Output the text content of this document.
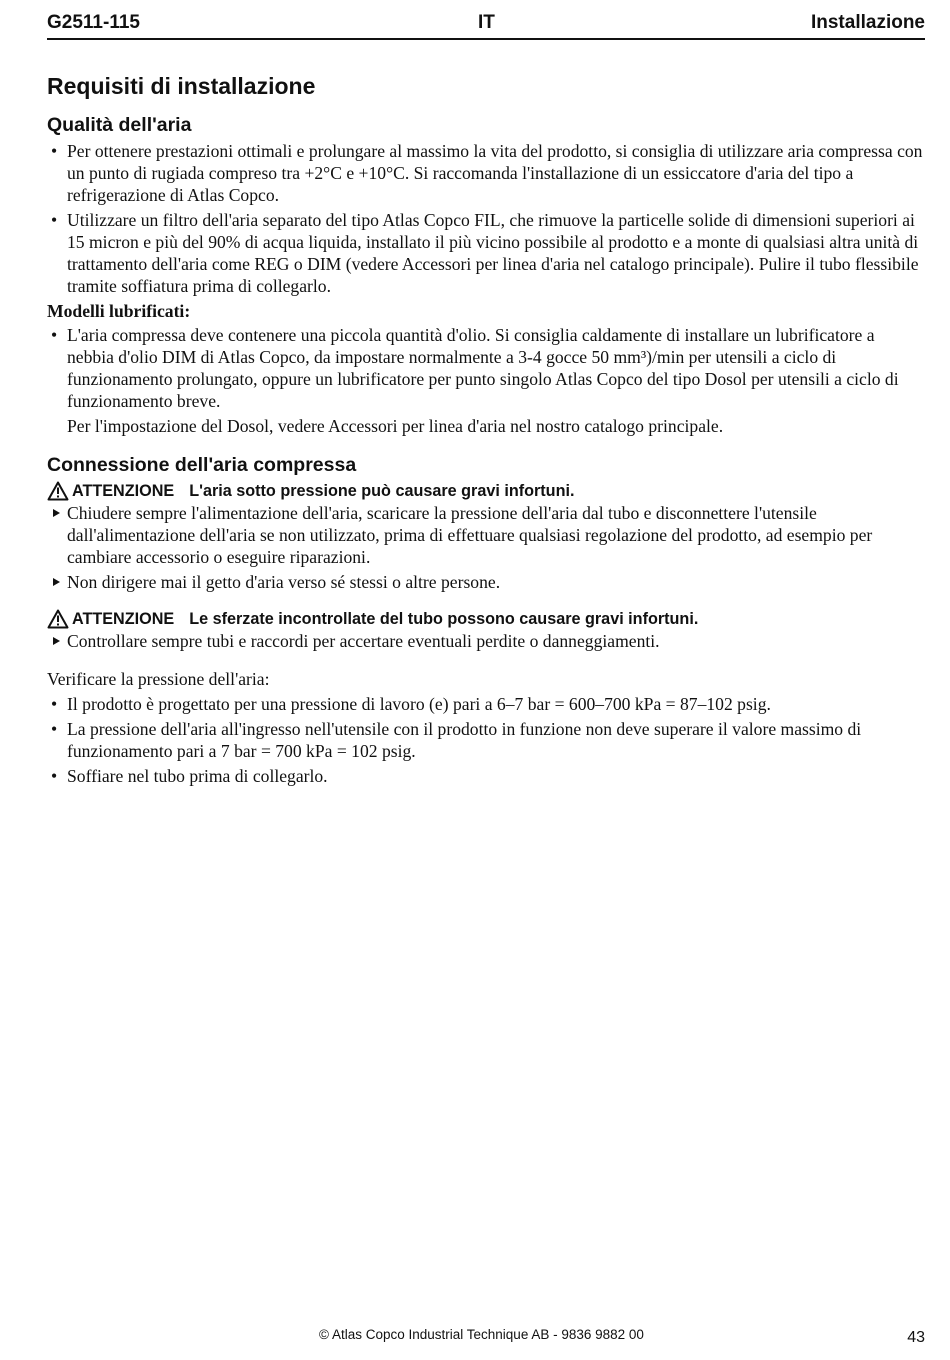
G2511-115	IT	Installazione
Requisiti di installazione
Qualità dell'aria
• Per ottenere prestazioni ottimali e prolungare al massimo la vita del prodotto, si consiglia di utilizzare aria compressa con un punto di rugiada compreso tra +2°C e +10°C. Si raccomanda l'installazione di un essiccatore d'aria del tipo a refrigerazione di Atlas Copco.
• Utilizzare un filtro dell'aria separato del tipo Atlas Copco FIL, che rimuove la particelle solide di dimensioni superiori ai 15 micron e più del 90% di acqua liquida, installato il più vicino possibile al prodotto e a monte di qualsiasi altra unità di trattamento dell'aria come REG o DIM (vedere Accessori per linea d'aria nel catalogo principale). Pulire il tubo flessibile tramite soffiatura prima di collegarlo.
Modelli lubrificati:
• L'aria compressa deve contenere una piccola quantità d'olio. Si consiglia caldamente di installare un lubrificatore a nebbia d'olio DIM di Atlas Copco, da impostare normalmente a 3-4 gocce 50 mm³)/min per utensili a ciclo di funzionamento prolungato, oppure un lubrificatore per punto singolo Atlas Copco del tipo Dosol per utensili a ciclo di funzionamento breve.
Per l'impostazione del Dosol, vedere Accessori per linea d'aria nel nostro catalogo principale.
Connessione dell'aria compressa
ATTENZIONE L'aria sotto pressione può causare gravi infortuni.
Chiudere sempre l'alimentazione dell'aria, scaricare la pressione dell'aria dal tubo e disconnettere l'utensile dall'alimentazione dell'aria se non utilizzato, prima di effettuare qualsiasi regolazione del prodotto, ad esempio per cambiare accessorio o eseguire riparazioni.
Non dirigere mai il getto d'aria verso sé stessi o altre persone.
ATTENZIONE Le sferzate incontrollate del tubo possono causare gravi infortuni.
Controllare sempre tubi e raccordi per accertare eventuali perdite o danneggiamenti.
Verificare la pressione dell'aria:
• Il prodotto è progettato per una pressione di lavoro (e) pari a 6–7 bar = 600–700 kPa = 87–102 psig.
• La pressione dell'aria all'ingresso nell'utensile con il prodotto in funzione non deve superare il valore massimo di funzionamento pari a 7 bar = 700 kPa = 102 psig.
• Soffiare nel tubo prima di collegarlo.
© Atlas Copco Industrial Technique AB - 9836 9882 00	43
